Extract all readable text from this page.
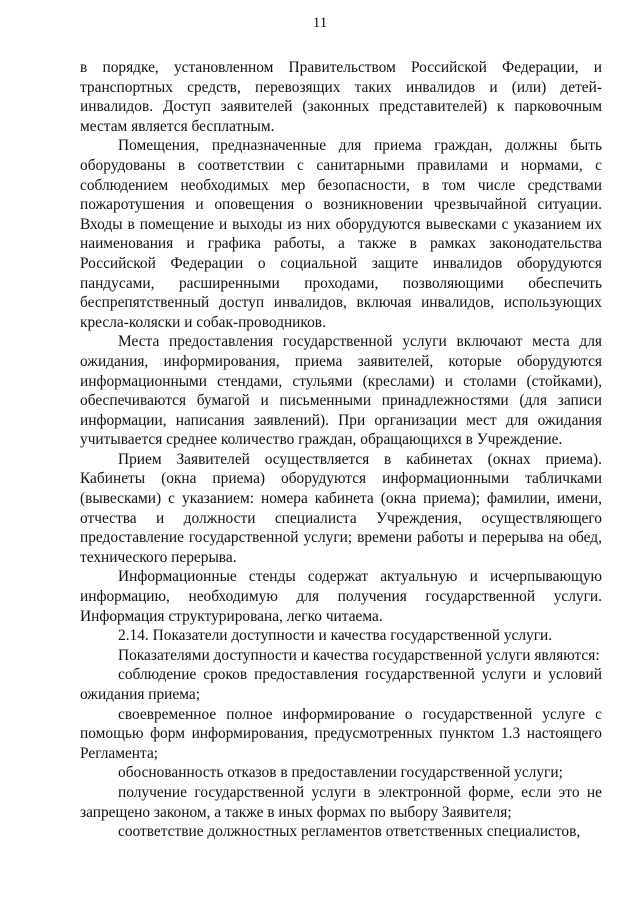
11

в порядке, установленном Правительством Российской Федерации, и транспортных средств, перевозящих таких инвалидов и (или) детей-инвалидов. Доступ заявителей (законных представителей) к парковочным местам является бесплатным.

Помещения, предназначенные для приема граждан, должны быть оборудованы в соответствии с санитарными правилами и нормами, с соблюдением необходимых мер безопасности, в том числе средствами пожаротушения и оповещения о возникновении чрезвычайной ситуации. Входы в помещение и выходы из них оборудуются вывесками с указанием их наименования и графика работы, а также в рамках законодательства Российской Федерации о социальной защите инвалидов оборудуются пандусами, расширенными проходами, позволяющими обеспечить беспрепятственный доступ инвалидов, включая инвалидов, использующих кресла-коляски и собак-проводников.

Места предоставления государственной услуги включают места для ожидания, информирования, приема заявителей, которые оборудуются информационными стендами, стульями (креслами) и столами (стойками), обеспечиваются бумагой и письменными принадлежностями (для записи информации, написания заявлений). При организации мест для ожидания учитывается среднее количество граждан, обращающихся в Учреждение.

Прием Заявителей осуществляется в кабинетах (окнах приема). Кабинеты (окна приема) оборудуются информационными табличками (вывесками) с указанием: номера кабинета (окна приема); фамилии, имени, отчества и должности специалиста Учреждения, осуществляющего предоставление государственной услуги; времени работы и перерыва на обед, технического перерыва.

Информационные стенды содержат актуальную и исчерпывающую информацию, необходимую для получения государственной услуги. Информация структурирована, легко читаема.

2.14. Показатели доступности и качества государственной услуги.

Показателями доступности и качества государственной услуги являются:

соблюдение сроков предоставления государственной услуги и условий ожидания приема;

своевременное полное информирование о государственной услуге с помощью форм информирования, предусмотренных пунктом 1.3 настоящего Регламента;

обоснованность отказов в предоставлении государственной услуги;

получение государственной услуги в электронной форме, если это не запрещено законом, а также в иных формах по выбору Заявителя;

соответствие должностных регламентов ответственных специалистов,
